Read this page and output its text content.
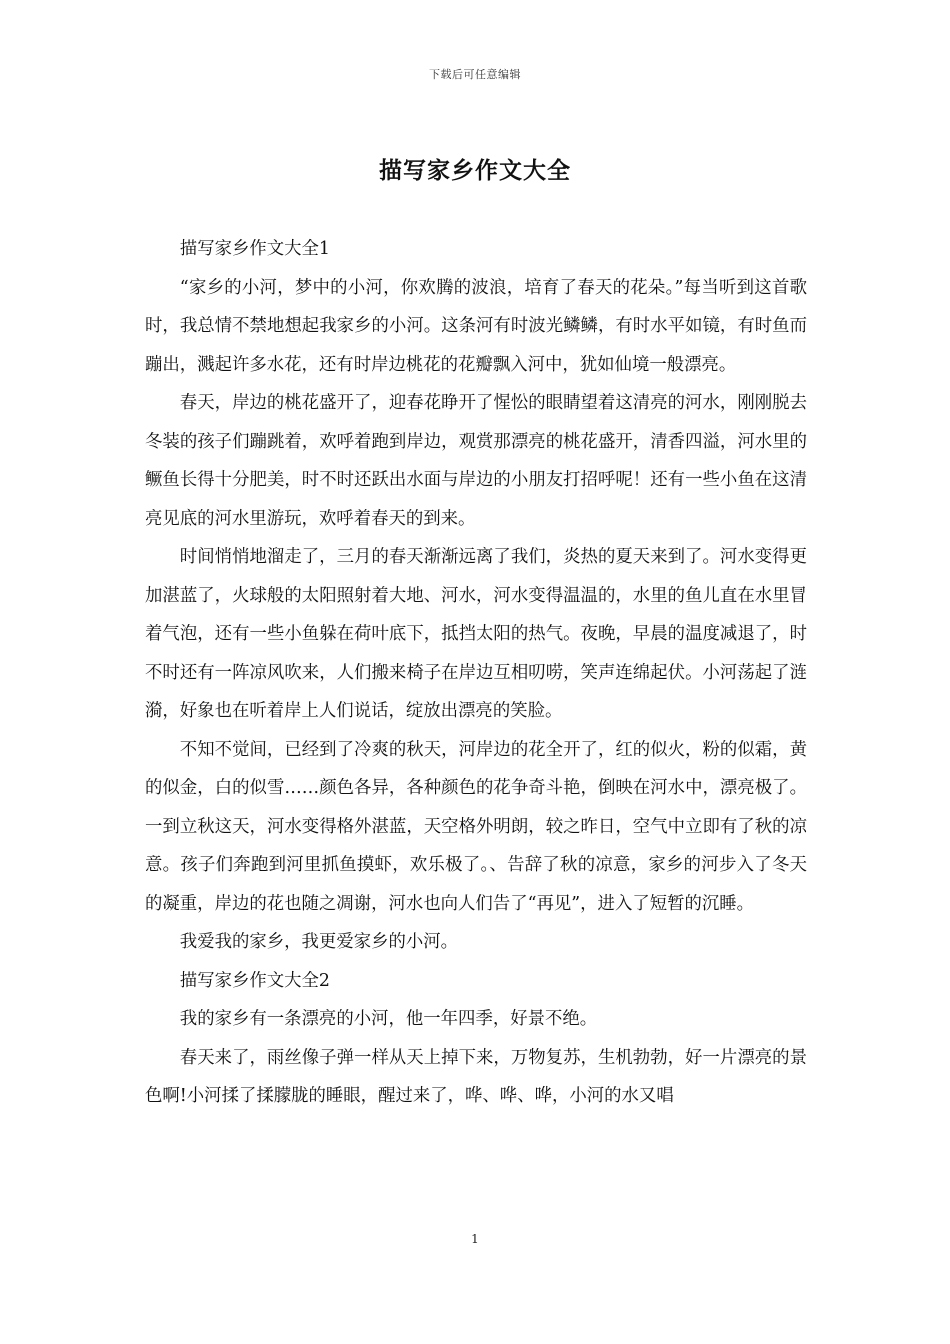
下载后可任意编辑
描写家乡作文大全

描写家乡作文大全1

“家乡的小河，梦中的小河，你欢腾的波浪，培育了春天的花朵。”每当听到这首歌时，我总情不禁地想起我家乡的小河。这条河有时波光鳞鳞，有时水平如镜，有时鱼而蹦出，溅起许多水花，还有时岸边桃花的花瓣飘入河中，犹如仙境一般漂亮。

春天，岸边的桃花盛开了，迎春花睁开了惺忪的眼睛望着这清亮的河水，刚刚脱去冬装的孩子们蹦跳着，欢呼着跑到岸边，观赏那漂亮的桃花盛开，清香四溢，河水里的鳜鱼长得十分肥美，时不时还跃出水面与岸边的小朋友打招呼呢！还有一些小鱼在这清亮见底的河水里游玩，欢呼着春天的到来。

时间悄悄地溜走了，三月的春天渐渐远离了我们，炎热的夏天来到了。河水变得更加湛蓝了，火球般的太阳照射着大地、河水，河水变得温温的，水里的鱼儿直在水里冒着气泡，还有一些小鱼躲在荷叶底下，抵挡太阳的热气。夜晚，早晨的温度减退了，时不时还有一阵凉风吹来，人们搬来椅子在岸边互相叨唠，笑声连绵起伏。小河荡起了涟漪，好象也在听着岸上人们说话，绽放出漂亮的笑脸。

不知不觉间，已经到了冷爽的秋天，河岸边的花全开了，红的似火，粉的似霜，黄的似金，白的似雪……颜色各异，各种颜色的花争奇斗艳，倒映在河水中，漂亮极了。一到立秋这天，河水变得格外湛蓝，天空格外明朗，较之昨日，空气中立即有了秋的凉意。孩子们奔跑到河里抓鱼摸虾，欢乐极了。、告辞了秋的凉意，家乡的河步入了冬天的凝重，岸边的花也随之凋谢，河水也向人们告了“再见”，进入了短暂的沉睡。

我爱我的家乡，我更爱家乡的小河。

描写家乡作文大全2

我的家乡有一条漂亮的小河，他一年四季，好景不绝。

春天来了，雨丝像子弹一样从天上掉下来，万物复苏，生机勃勃，好一片漂亮的景色啊!小河揉了揉朦胧的睡眼，醒过来了，哗、哗、哗，小河的水又唱

1
